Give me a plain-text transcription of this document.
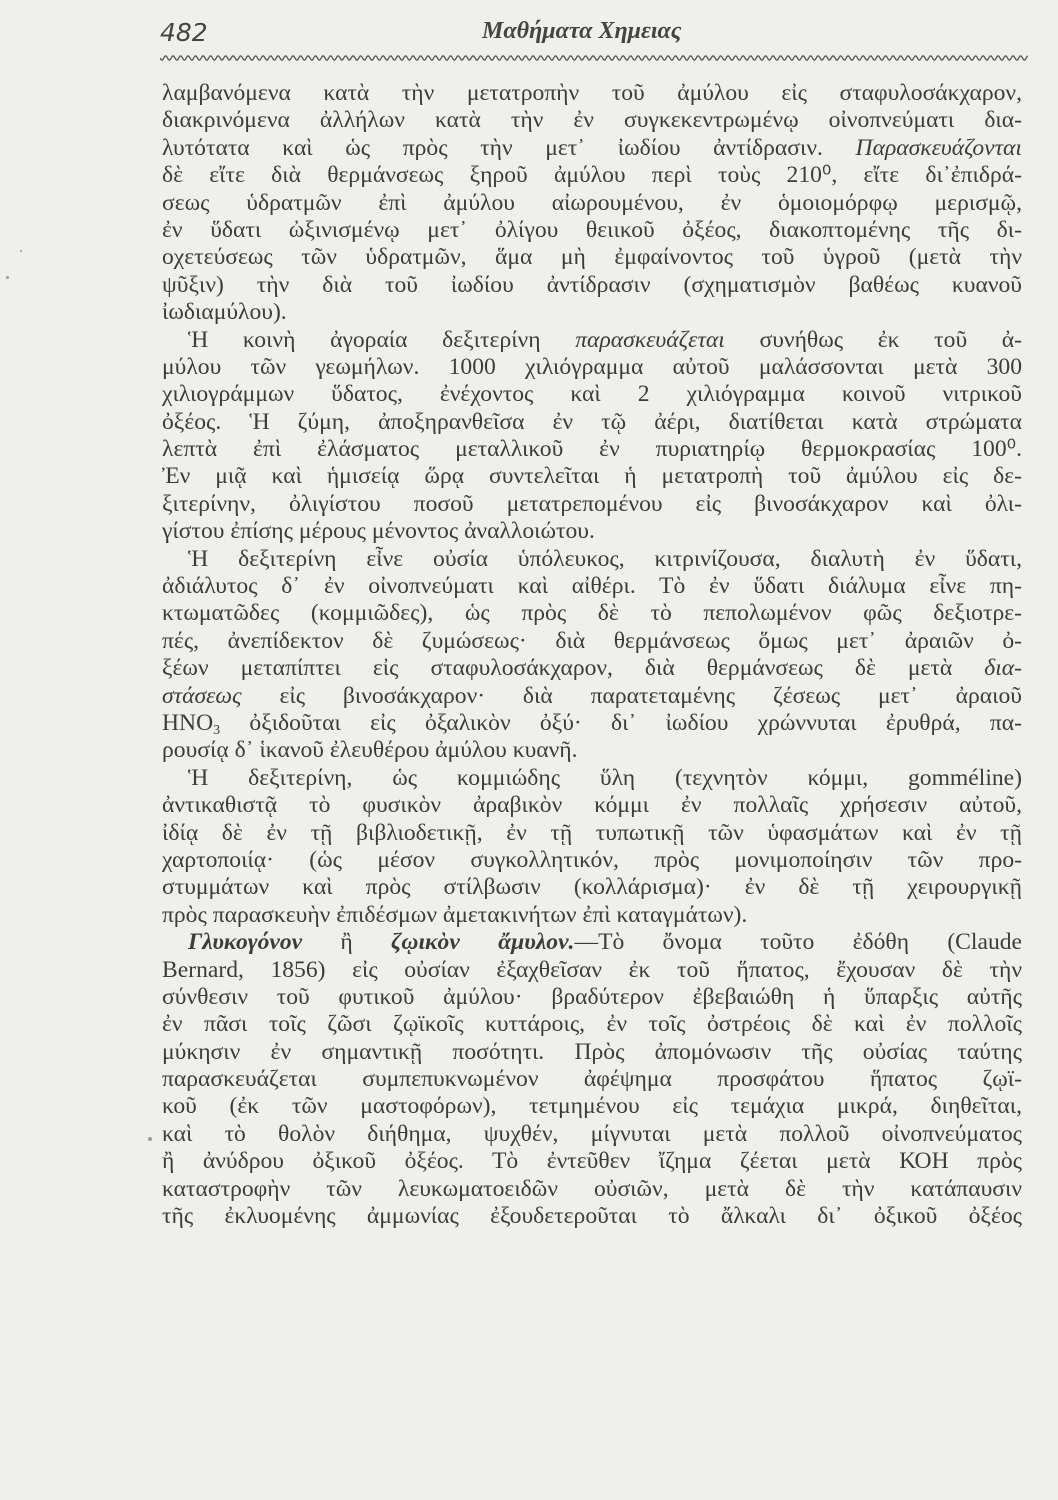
482	Μαθήματα Χημειας
λαμβανόμενα κατὰ τὴν μετατροπὴν τοῦ ἀμύλου εἰς σταφυλοσάκχαρον,
διακρινόμενα ἀλλήλων κατὰ τὴν ἐν συγκεκεντρωμένῳ οἰνοπνεύματι δια-
λυτότατα καὶ ὡς πρὸς τὴν μετ᾽ ἰωδίου ἀντίδρασιν. Παρασκευάζονται
δὲ εἴτε διὰ θερμάνσεως ξηροῦ ἀμύλου περὶ τοὺς 210⁰, εἴτε δι᾽ἐπιδρά-
σεως ὑδρατμῶν ἐπὶ ἀμύλου αἰωρουμένου, ἐν ὁμοιομόρφῳ μερισμῷ,
ἐν ὕδατι ὠξινισμένῳ μετ᾽ ὀλίγου θειικοῦ ὀξέος, διακοπτομένης τῆς δι-
οχετεύσεως τῶν ὑδρατμῶν, ἅμα μὴ ἐμφαίνοντος τοῦ ὑγροῦ (μετὰ τὴν
ψῦξιν) τὴν διὰ τοῦ ἰωδίου ἀντίδρασιν (σχηματισμὸν βαθέως κυανοῦ
ἰωδιαμύλου).
Ἡ κοινὴ ἀγοραία δεξιτερίνη παρασκευάζεται συνήθως ἐκ τοῦ ἀ-
μύλου τῶν γεωμήλων. 1000 χιλιόγραμμα αὐτοῦ μαλάσσονται μετὰ 300
χιλιογράμμων ὕδατος, ἐνέχοντος καὶ 2 χιλιόγραμμα κοινοῦ νιτρικοῦ
ὀξέος. Ἡ ζύμη, ἀποξηρανθεῖσα ἐν τῷ ἀέρι, διατίθεται κατὰ στρώματα
λεπτὰ ἐπὶ ἐλάσματος μεταλλικοῦ ἐν πυριατηρίῳ θερμοκρασίας 100⁰.
Ἐν μιᾷ καὶ ἡμισείᾳ ὥρᾳ συντελεῖται ἡ μετατροπὴ τοῦ ἀμύλου εἰς δε-
ξιτερίνην, ὀλιγίστου ποσοῦ μετατρεπομένου εἰς βινοσάκχαρον καὶ ὀλι-
γίστου ἐπίσης μέρους μένοντος ἀναλλοιώτου.
Ἡ δεξιτερίνη εἶνε οὐσία ὑπόλευκος, κιτρινίζουσα, διαλυτὴ ἐν ὕδατι,
ἀδιάλυτος δ᾽ ἐν οἰνοπνεύματι καὶ αἰθέρι. Τὸ ἐν ὕδατι διάλυμα εἶνε πη-
κτωματῶδες (κομμιῶδες), ὡς πρὸς δὲ τὸ πεπολωμένον φῶς δεξιοτρε-
πές, ἀνεπίδεκτον δὲ ζυμώσεως· διὰ θερμάνσεως ὅμως μετ᾽ ἀραιῶν ὀ-
ξέων μεταπίπτει εἰς σταφυλοσάκχαρον, διὰ θερμάνσεως δὲ μετὰ δια-
στάσεως εἰς βινοσάκχαρον· διὰ παρατεταμένης ζέσεως μετ᾽ ἀραιοῦ
$HNO_3$ ὀξιδοῦται εἰς ὀξαλικὸν ὀξύ· δι᾽ ἰωδίου χρώννυται ἐρυθρά, πα-
ρουσίᾳ δ᾽ ἱκανοῦ ἐλευθέρου ἀμύλου κυανῆ.
Ἡ δεξιτερίνη, ὡς κομμιώδης ὕλη (τεχνητὸν κόμμι, gomméline)
ἀντικαθιστᾷ τὸ φυσικὸν ἀραβικὸν κόμμι ἐν πολλαῖς χρήσεσιν αὐτοῦ,
ἰδίᾳ δὲ ἐν τῇ βιβλιοδετικῇ, ἐν τῇ τυπωτικῇ τῶν ὑφασμάτων καὶ ἐν τῇ
χαρτοποιίᾳ· (ὡς μέσον συγκολλητικόν, πρὸς μονιμοποίησιν τῶν προ-
στυμμάτων καὶ πρὸς στίλβωσιν (κολλάρισμα)· ἐν δὲ τῇ χειρουργικῇ
πρὸς παρασκευὴν ἐπιδέσμων ἀμετακινήτων ἐπὶ καταγμάτων).
Γλυκογόνον ἢ ζῳικὸν ἄμυλον.—Τὸ ὄνομα τοῦτο ἐδόθη (Claude
Bernard, 1856) εἰς οὐσίαν ἐξαχθεῖσαν ἐκ τοῦ ἥπατος, ἔχουσαν δὲ τὴν
σύνθεσιν τοῦ φυτικοῦ ἀμύλου· βραδύτερον ἐβεβαιώθη ἡ ὕπαρξις αὐτῆς
ἐν πᾶσι τοῖς ζῶσι ζῳϊκοῖς κυττάροις, ἐν τοῖς ὀστρέοις δὲ καὶ ἐν πολλοῖς
μύκησιν ἐν σημαντικῇ ποσότητι. Πρὸς ἀπομόνωσιν τῆς οὐσίας ταύτης
παρασκευάζεται συμπεπυκνωμένον ἀφέψημα προσφάτου ἥπατος ζῳϊ-
κοῦ (ἐκ τῶν μαστοφόρων), τετμημένου εἰς τεμάχια μικρά, διηθεῖται,
καὶ τὸ θολὸν διήθημα, ψυχθέν, μίγνυται μετὰ πολλοῦ οἰνοπνεύματος
ἢ ἀνύδρου ὀξικοῦ ὀξέος. Τὸ ἐντεῦθεν ἴζημα ζέεται μετὰ ΚΟΗ πρὸς
καταστροφὴν τῶν λευκωματοειδῶν οὐσιῶν, μετὰ δὲ τὴν κατάπαυσιν
τῆς ἐκλυομένης ἀμμωνίας ἐξουδετεροῦται τὸ ἄλκαλι δι᾽ ὀξικοῦ ὀξέος
